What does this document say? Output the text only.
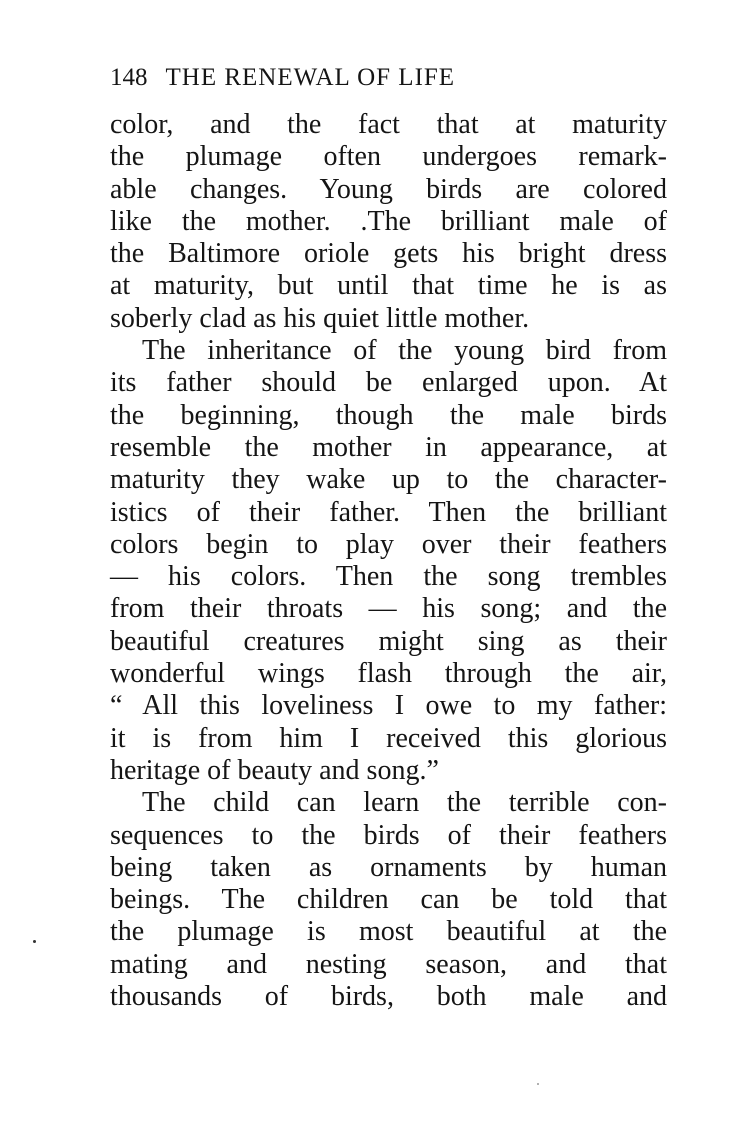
148 THE RENEWAL OF LIFE
color, and the fact that at maturity
the plumage often undergoes remark-
able changes. Young birds are colored
like the mother. .The brilliant male of
the Baltimore oriole gets his bright dress
at maturity, but until that time he is as
soberly clad as his quiet little mother.
The inheritance of the young bird from
its father should be enlarged upon. At
the beginning, though the male birds
resemble the mother in appearance, at
maturity they wake up to the character-
istics of their father. Then the brilliant
colors begin to play over their feathers
— his colors. Then the song trembles
from their throats — his song; and the
beautiful creatures might sing as their
wonderful wings flash through the air,
“ All this loveliness I owe to my father:
it is from him I received this glorious
heritage of beauty and song.”
The child can learn the terrible con-
sequences to the birds of their feathers
being taken as ornaments by human
beings. The children can be told that
the plumage is most beautiful at the
mating and nesting season, and that
thousands of birds, both male and
